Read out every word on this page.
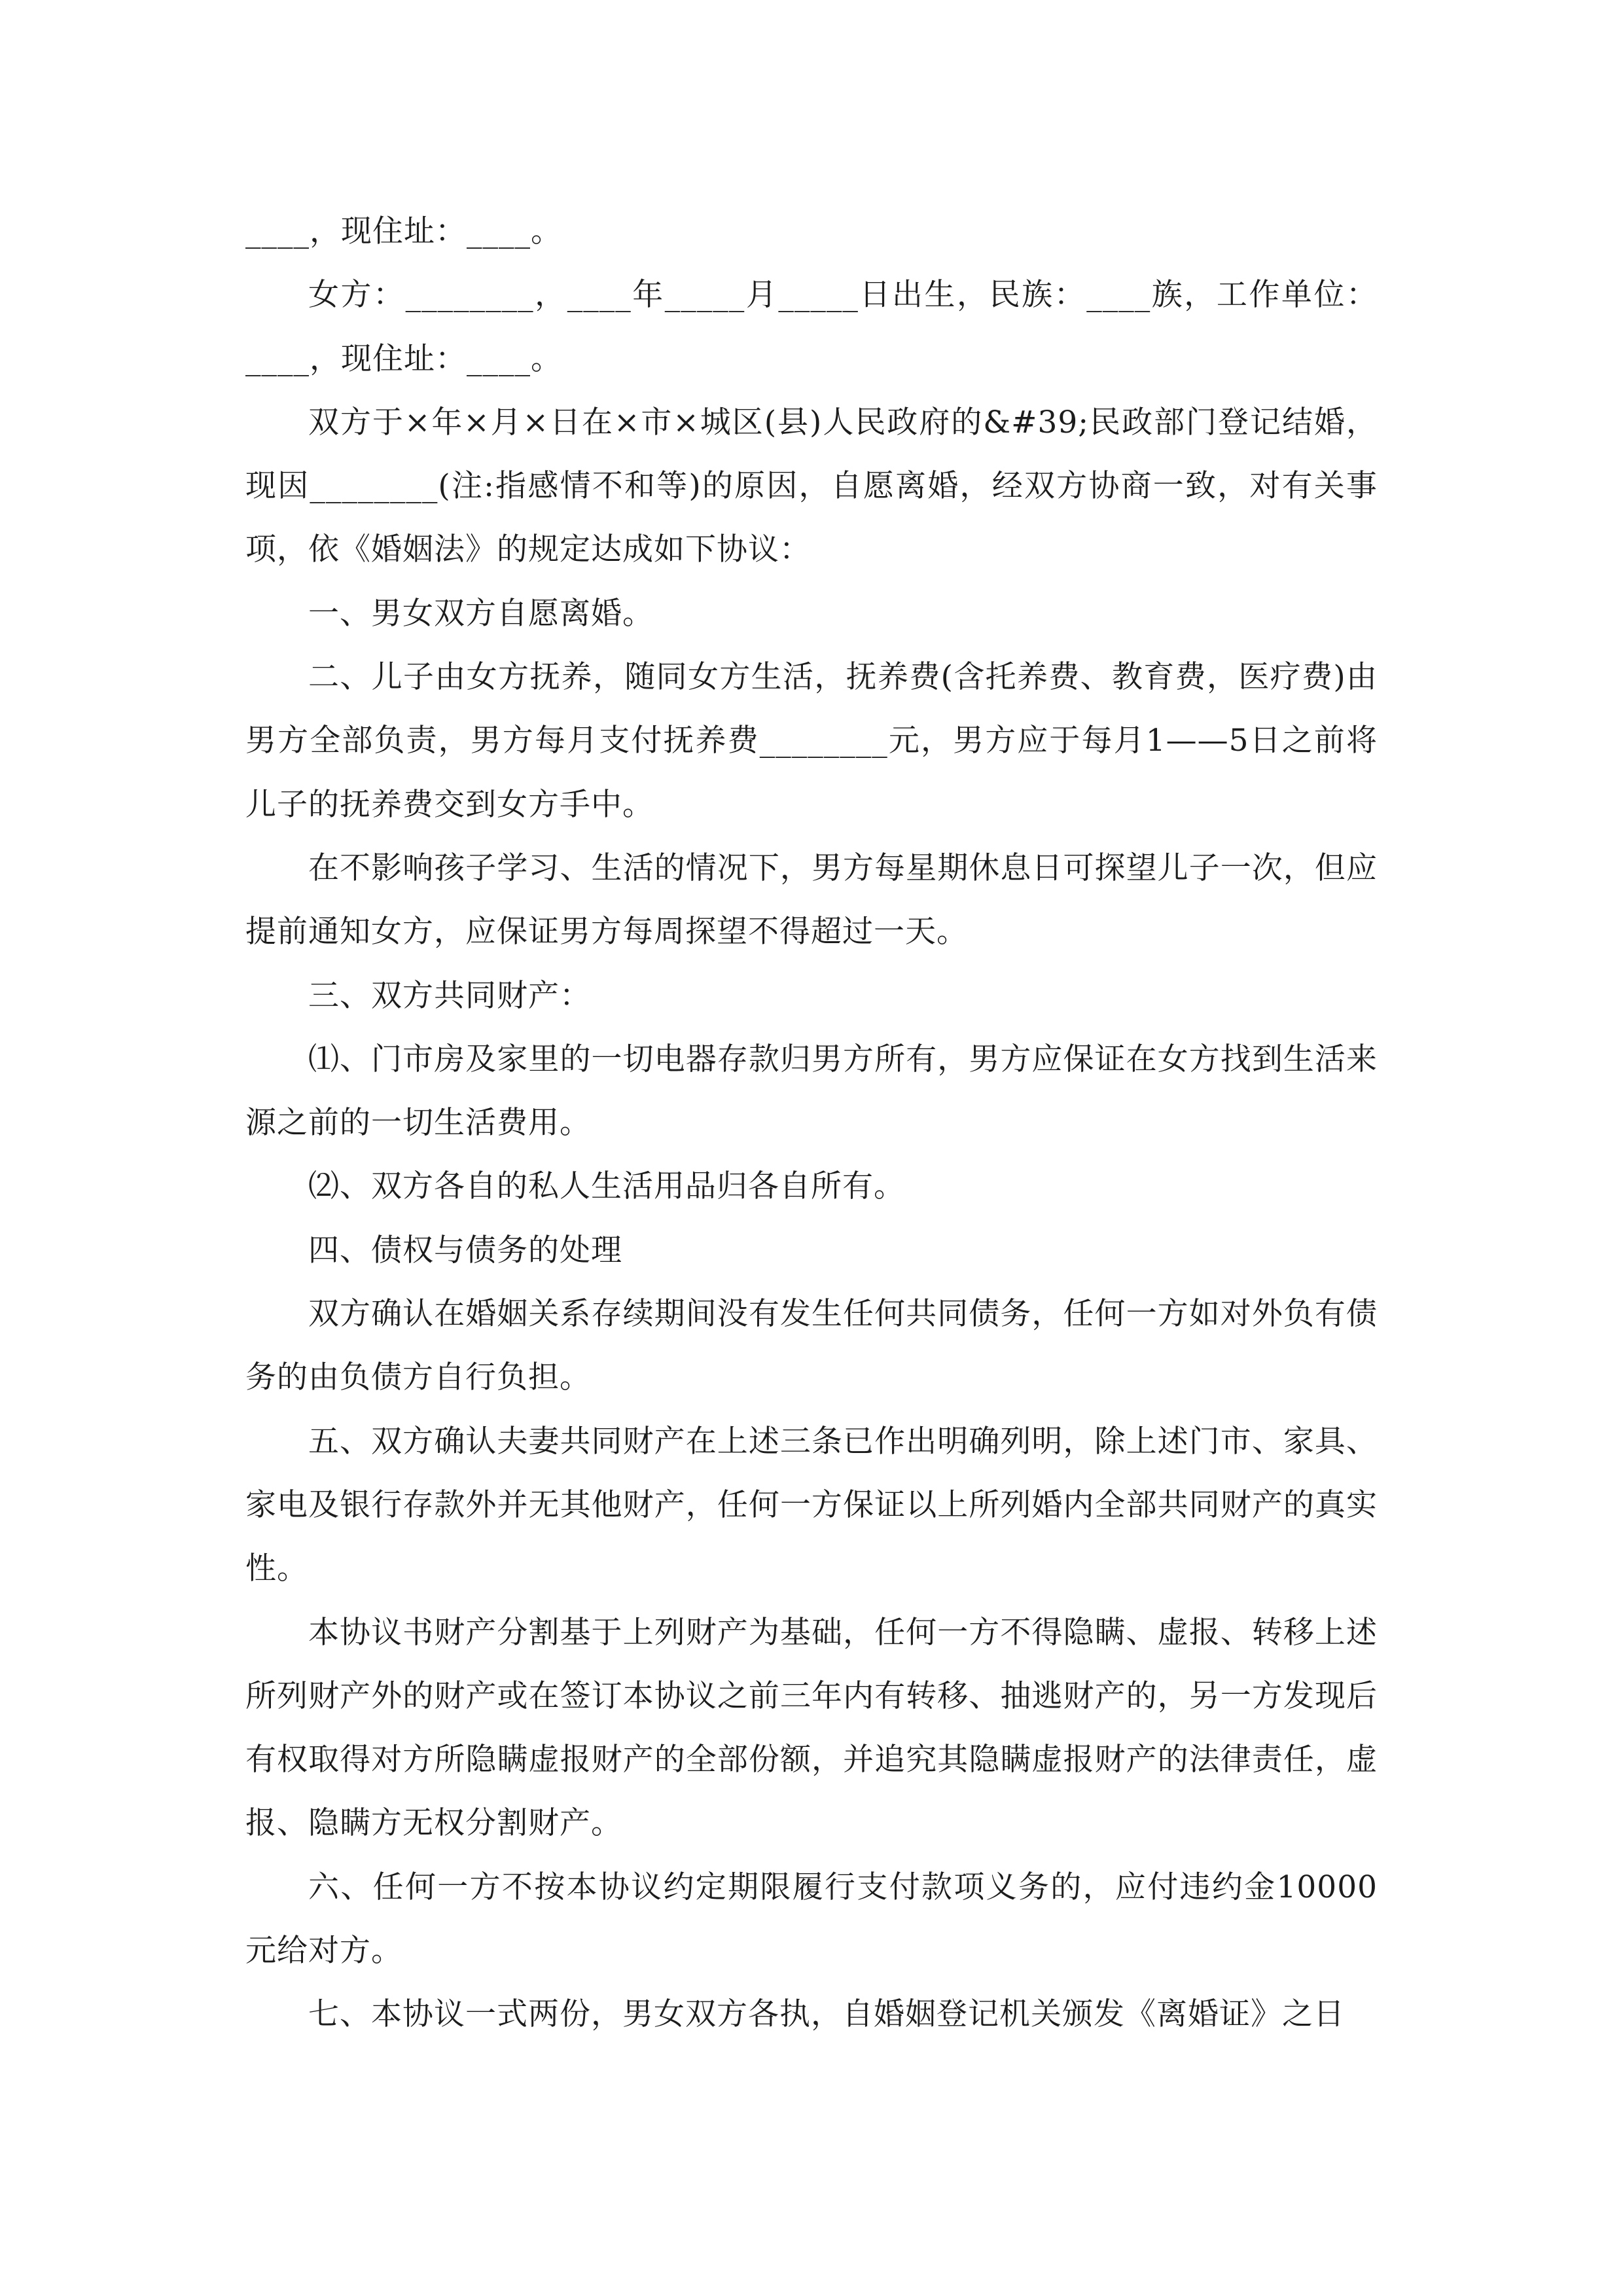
____，现住址：____。

女方：________，____年_____月_____日出生，民族：____族，工作单位：____，现住址：____。

双方于×年×月×日在×市×城区(县)人民政府的&#39;民政部门登记结婚，现因________(注:指感情不和等)的原因，自愿离婚，经双方协商一致，对有关事项，依《婚姻法》的规定达成如下协议：

一、男女双方自愿离婚。

二、儿子由女方抚养，随同女方生活，抚养费(含托养费、教育费，医疗费)由男方全部负责，男方每月支付抚养费________元，男方应于每月1——5日之前将儿子的抚养费交到女方手中。

在不影响孩子学习、生活的情况下，男方每星期休息日可探望儿子一次，但应提前通知女方，应保证男方每周探望不得超过一天。

三、双方共同财产：

⑴、门市房及家里的一切电器存款归男方所有，男方应保证在女方找到生活来源之前的一切生活费用。

⑵、双方各自的私人生活用品归各自所有。

四、债权与债务的处理

双方确认在婚姻关系存续期间没有发生任何共同债务，任何一方如对外负有债务的由负债方自行负担。

五、双方确认夫妻共同财产在上述三条已作出明确列明，除上述门市、家具、家电及银行存款外并无其他财产，任何一方保证以上所列婚内全部共同财产的真实性。

本协议书财产分割基于上列财产为基础，任何一方不得隐瞒、虚报、转移上述所列财产外的财产或在签订本协议之前三年内有转移、抽逃财产的，另一方发现后有权取得对方所隐瞒虚报财产的全部份额，并追究其隐瞒虚报财产的法律责任，虚报、隐瞒方无权分割财产。

六、任何一方不按本协议约定期限履行支付款项义务的，应付违约金10000元给对方。

七、本协议一式两份，男女双方各执，自婚姻登记机关颁发《离婚证》之日
